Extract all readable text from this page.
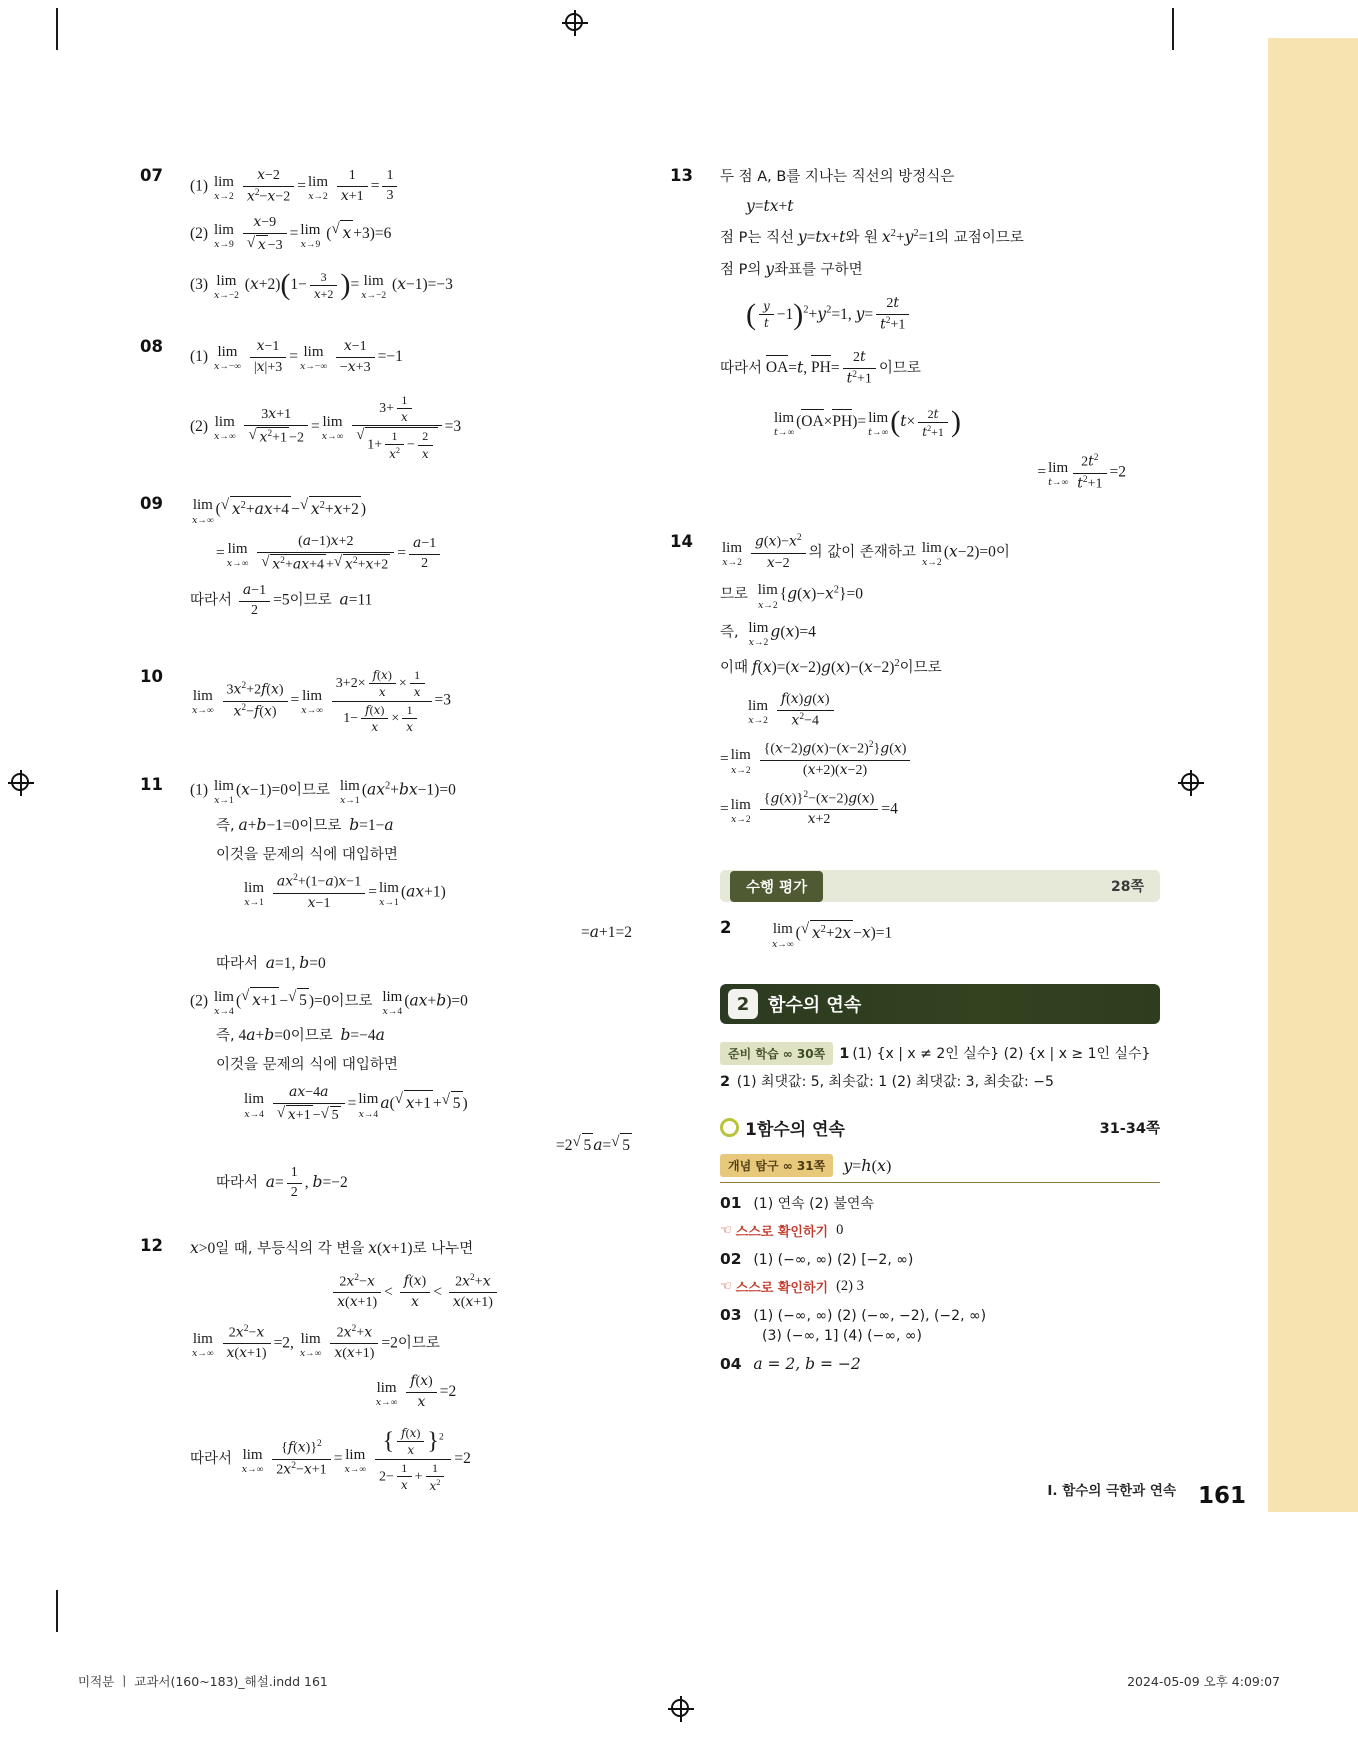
07
(1) lim
x→2
$\frac{x-2}{x^2-x-2} = \lim$
x→2
$\frac{1}{x+1} = \frac{1}{3}$
(2) lim
x→9
x−9
√ x −3 = lim
x→9
( √ x +3)=6
(3) lim
x→−2
$(x+2)(1- \frac{3}{x+2}$ )= lim
x→−2
(x−1)=−3
08
(1) lim
x→−∞
$\frac{x-1}{|x|+3} = \lim$
x→−∞
$\frac{x-1}{-x+3} =-1$
(2) lim
x→∞
3x+1
√ $x^2+1 -2 = \lim$
x→∞
$3+ \frac{1}{x}$
√ $1+ \frac{1}{x^2} - \frac{2}{x} =3$
09 lim
x→∞
( √ $x^2+ax+4$ − √ $x^2+x+2$ )
= lim
x→∞
(a−1)x+2
√ $x^2+ax+4$ + √ $x^2+x+2 = \frac{a-1}{2}$
따라서 $\frac{a-1}{2} =5$이므로 a=11
10
lim
x→∞
$\frac{3x^2+2f(x)}{x^2-f(x)} = \lim$
x→∞
$\frac{3+2\times \frac{f(x)}{x} \times \frac{1}{x}}{1- \frac{f(x)}{x} \times \frac{1}{x}} =3$
11 (1) lim
x→1
(x−1)=0이므로 lim
x→1
$(ax^2+bx-1)=0$
즉, a+b−1=0이므로 b=1−a
이것을 문제의 식에 대입하면
lim
x→1
$\frac{ax^2+(1-a)x-1}{x-1} = \lim$
x→1
(ax+1)
=a+1=2
따라서 a=1, b=0
(2) lim
x→4
( √ x+1 − √ 5 )=0이므로 lim
x→4
(ax+b)=0
즉, 4a+b=0이므로 b=−4a
이것을 문제의 식에 대입하면
lim
x→4
ax−4a
√ x+1 − √ 5 = lim
x→4
a( √ x+1 + √ 5 )
=2 √ 5 a= √ 5
따라서 $a= \frac{1}{2}$ , b=−2
12 x>0일 때, 부등식의 각 변을 x(x+1)로 나누면
$\frac{2x^2-x}{x(x+1)} < \frac{f(x)}{x} < \frac{2x^2+x}{x(x+1)}$
lim
x→∞
$\frac{2x^2-x}{x(x+1)} =2$, lim
x→∞
$\frac{2x^2+x}{x(x+1)} =2$이므로
lim
x→∞
$\frac{f(x)}{x} =2$
따라서 lim
x→∞
$\frac{\{f(x)\}^2}{2x^2-x+1} = \lim$
x→∞
$\frac{\{ \frac{f(x)}{x} \}^2}{2- \frac{1}{x} + \frac{1}{x^2}} =2$
13 두 점 A, B를 지나는 직선의 방정식은
y=tx+t
점 P는 직선 y=tx+t와 원 $x^2+y^2=1$의 교점이므로
점 P의 y좌표를 구하면
( $\frac{y}{t} -1)^2+y^2=1$, $y= \frac{2t}{t^2+1}$
따라서 OA=t, $PH= \frac{2t}{t^2+1}$ 이므로
lim
t→∞
(OA×PH)= lim
t→∞ ($t\times \frac{2t}{t^2+1}$ )
= lim
$t\to\infty \frac{2t^2}{t^2+1} =2$
14 lim
x→2
$\frac{g(x)-x^2}{x-2}$ 의 값이 존재하고 lim
x→2
(x−2)=0이
므로 lim
x→2
$\{g(x)-x^2\}=0$
즉, lim
x→2
g(x)=4
이때 $f(x)=(x-2)g(x)-(x-2)^2$이므로
lim
x→2
$\frac{f(x)g(x)}{x^2-4}$
= lim
x→2
$\frac{\{(x-2)g(x)-(x-2)^2\}g(x)}{(x+2)(x-2)}$
= lim
x→2
$\frac{\{g(x)\}^2-(x-2)g(x)}{x+2} =4$
수행 평가	28쪽
2	lim
x→∞
( √ $x^2+2x -x)=1$
2	함수의 연속
준비 학습 ∞ 30쪽 1 (1) {x | x ≠ 2인 실수} (2) {x | x ≥ 1인 실수}
2 (1) 최댓값: 5, 최솟값: 1 (2) 최댓값: 3, 최솟값: −5
1함수의 연속	31-34쪽
개념 탐구 ∞ 31쪽	y=h(x)
01 (1) 연속 (2) 불연속
☜ 스스로 확인하기 0
02 (1) (−∞, ∞) (2) [−2, ∞)
☜ 스스로 확인하기 (2) 3
03 (1) (−∞, ∞) (2) (−∞, −2), (−2, ∞)
(3) (−∞, 1] (4) (−∞, ∞)
04 a = 2, b = −2
Ⅰ. 함수의 극한과 연속 161
미적분 ㅣ 교과서(160~183)_해설.indd 161	2024-05-09 오후 4:09:07
